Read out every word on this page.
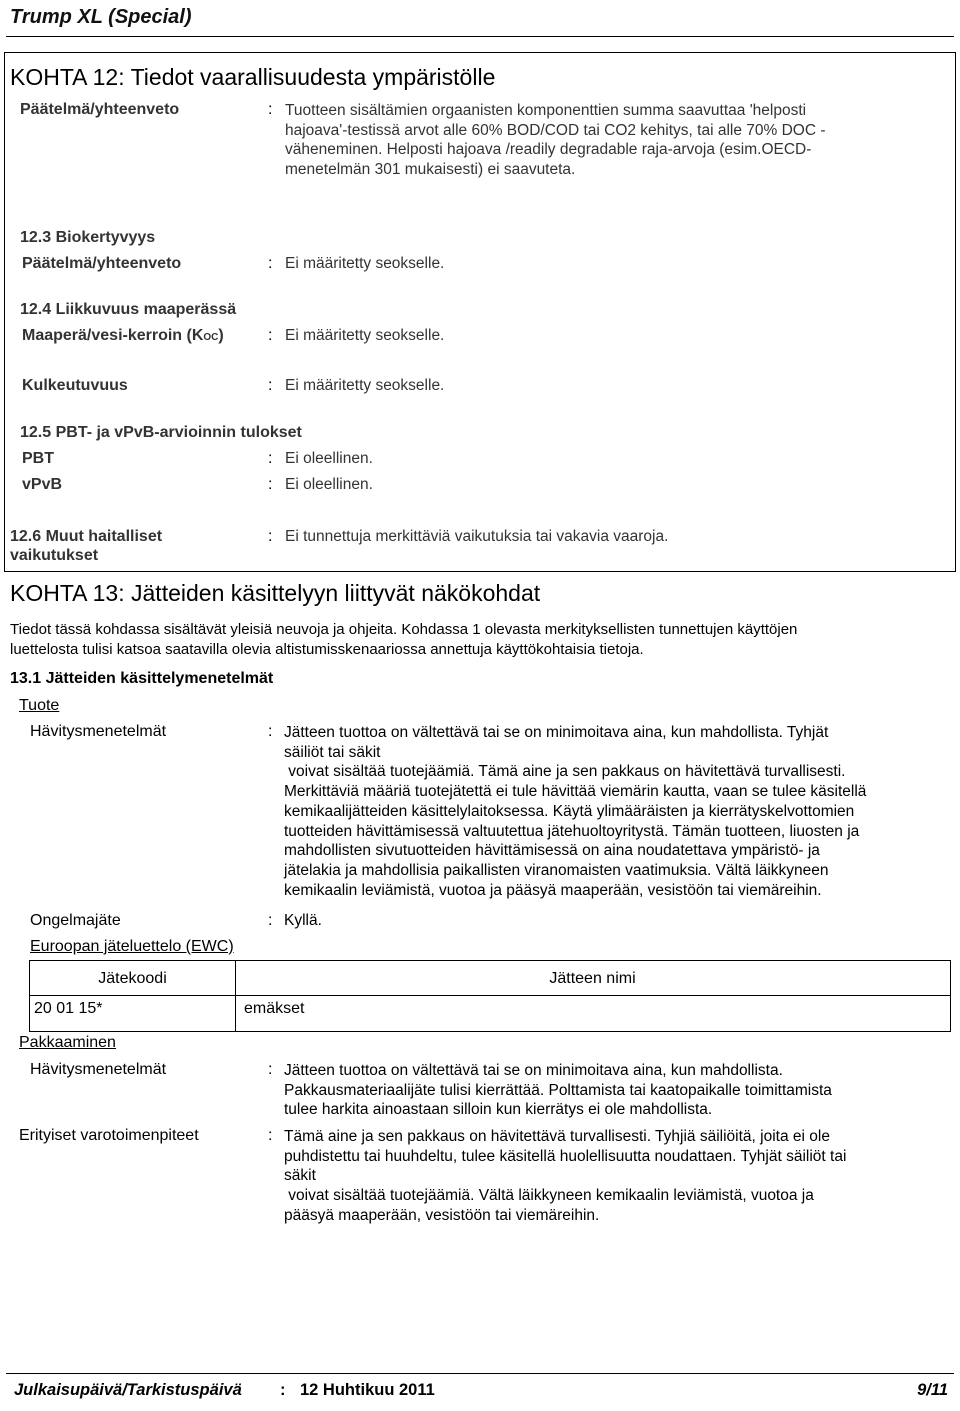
Trump XL (Special)
KOHTA 12: Tiedot vaarallisuudesta ympäristölle
Päätelmä/yhteenveto	: Tuotteen sisältämien orgaanisten komponenttien summa saavuttaa 'helposti
hajoava'-testissä arvot alle 60% BOD/COD tai CO2 kehitys, tai alle 70% DOC -
väheneminen. Helposti hajoava /readily degradable raja-arvoja (esim.OECD-
menetelmän 301 mukaisesti) ei saavuteta.
12.3 Biokertyvyys
Päätelmä/yhteenveto	: Ei määritetty seokselle.
12.4 Liikkuvuus maaperässä
Maaperä/vesi-kerroin (KOC)	: Ei määritetty seokselle.
Kulkeutuvuus	: Ei määritetty seokselle.
12.5 PBT- ja vPvB-arvioinnin tulokset
PBT	: Ei oleellinen.
vPvB	: Ei oleellinen.
12.6 Muut haitalliset
vaikutukset
: Ei tunnettuja merkittäviä vaikutuksia tai vakavia vaaroja.
KOHTA 13: Jätteiden käsittelyyn liittyvät näkökohdat
Tiedot tässä kohdassa sisältävät yleisiä neuvoja ja ohjeita. Kohdassa 1 olevasta merkityksellisten tunnettujen käyttöjen
luettelosta tulisi katsoa saatavilla olevia altistumisskenaariossa annettuja käyttökohtaisia tietoja.
13.1 Jätteiden käsittelymenetelmät
Tuote
Hävitysmenetelmät	: Jätteen tuottoa on vältettävä tai se on minimoitava aina, kun mahdollista. Tyhjät
säiliöt tai säkit
voivat sisältää tuotejäämiä. Tämä aine ja sen pakkaus on hävitettävä turvallisesti.
Merkittäviä määriä tuotejätettä ei tule hävittää viemärin kautta, vaan se tulee käsitellä
kemikaalijätteiden käsittelylaitoksessa. Käytä ylimääräisten ja kierrätyskelvottomien
tuotteiden hävittämisessä valtuutettua jätehuoltoyritystä. Tämän tuotteen, liuosten ja
mahdollisten sivutuotteiden hävittämisessä on aina noudatettava ympäristö- ja
jätelakia ja mahdollisia paikallisten viranomaisten vaatimuksia. Vältä läikkyneen
kemikaalin leviämistä, vuotoa ja pääsyä maaperään, vesistöön tai viemäreihin.
Ongelmajäte	: Kyllä.
Euroopan jäteluettelo (EWC)
Jätekoodi	Jätteen nimi
20 01 15*	emäkset
Pakkaaminen
Hävitysmenetelmät	: Jätteen tuottoa on vältettävä tai se on minimoitava aina, kun mahdollista.
Pakkausmateriaalijäte tulisi kierrättää. Polttamista tai kaatopaikalle toimittamista
tulee harkita ainoastaan silloin kun kierrätys ei ole mahdollista.
Erityiset varotoimenpiteet	: Tämä aine ja sen pakkaus on hävitettävä turvallisesti. Tyhjiä säiliöitä, joita ei ole
puhdistettu tai huuhdeltu, tulee käsitellä huolellisuutta noudattaen. Tyhjät säiliöt tai
säkit
voivat sisältää tuotejäämiä. Vältä läikkyneen kemikaalin leviämistä, vuotoa ja
pääsyä maaperään, vesistöön tai viemäreihin.
Julkaisupäivä/Tarkistuspäivä : 12 Huhtikuu 2011	9/11
